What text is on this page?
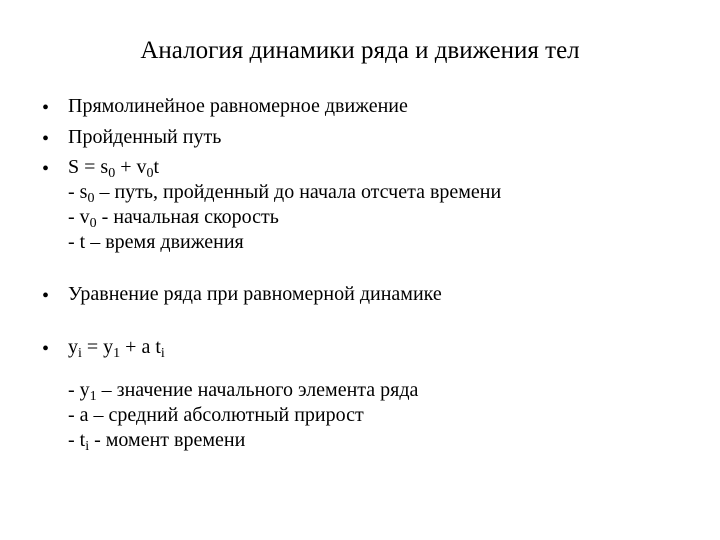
Аналогия динамики ряда и движения тел
• Прямолинейное равномерное движение
• Пройденный путь
• $S = s_0 + v_0t$
- $s_0$ – путь, пройденный до начала отсчета времени
- $v_0$ - начальная скорость
- t – время движения
• Уравнение ряда при равномерной динамике
• $y_i = y_1 + a$ $t_i$
- $y_1$ – значение начального элемента ряда
- a – средний абсолютный прирост
- $t_i$ - момент времени
